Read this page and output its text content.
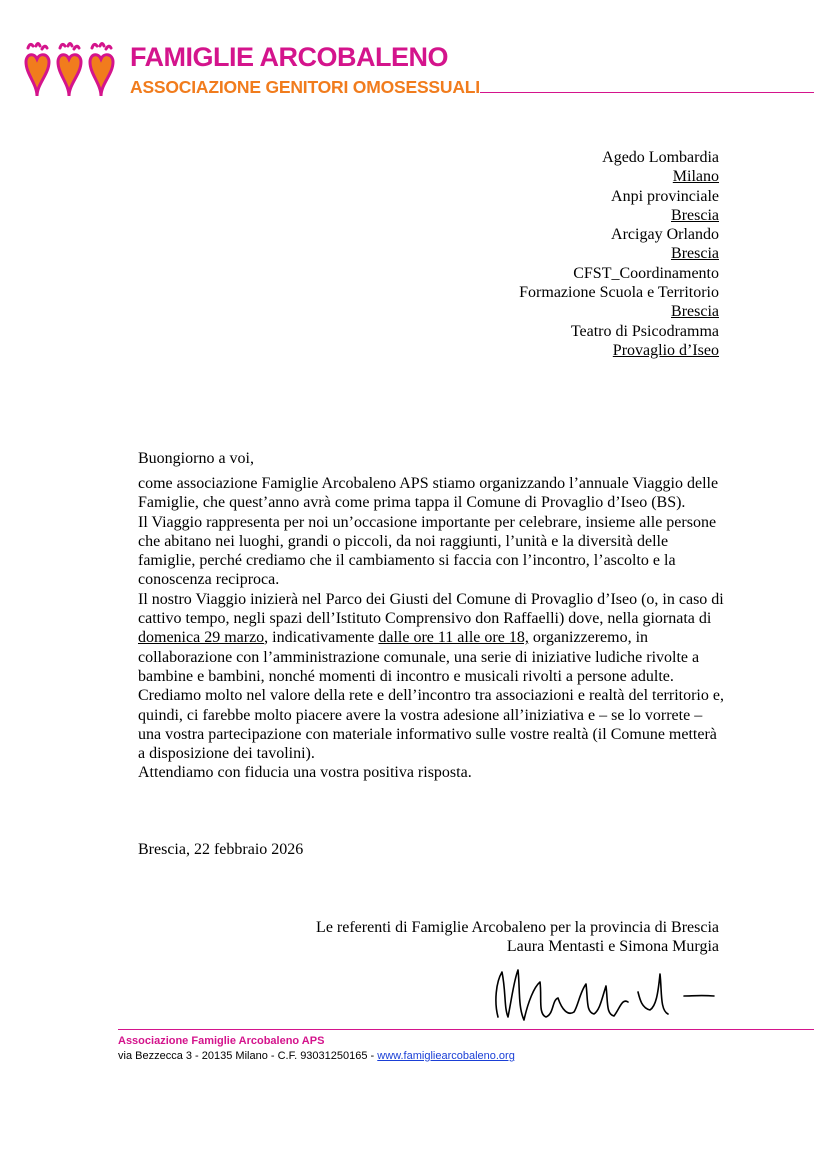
FAMIGLIE ARCOBALENO
ASSOCIAZIONE GENITORI OMOSESSUALI
Agedo Lombardia
Milano
Anpi provinciale
Brescia
Arcigay Orlando
Brescia
CFST_Coordinamento
Formazione Scuola e Territorio
Brescia
Teatro di Psicodramma
Provaglio d’Iseo
Buongiorno a voi,

come associazione Famiglie Arcobaleno APS stiamo organizzando l’annuale Viaggio delle Famiglie, che quest’anno avrà come prima tappa il Comune di Provaglio d’Iseo (BS).

Il Viaggio rappresenta per noi un’occasione importante per celebrare, insieme alle persone che abitano nei luoghi, grandi o piccoli, da noi raggiunti, l’unità e la diversità delle famiglie, perché crediamo che il cambiamento si faccia con l’incontro, l’ascolto e la conoscenza reciproca.

Il nostro Viaggio inizierà nel Parco dei Giusti del Comune di Provaglio d’Iseo (o, in caso di cattivo tempo, negli spazi dell’Istituto Comprensivo don Raffaelli) dove, nella giornata di domenica 29 marzo, indicativamente dalle ore 11 alle ore 18, organizzeremo, in collaborazione con l’amministrazione comunale, una serie di iniziative ludiche rivolte a bambine e bambini, nonché momenti di incontro e musicali rivolti a persone adulte.

Crediamo molto nel valore della rete e dell’incontro tra associazioni e realtà del territorio e, quindi, ci farebbe molto piacere avere la vostra adesione all’iniziativa e – se lo vorrete – una vostra partecipazione con materiale informativo sulle vostre realtà (il Comune metterà a disposizione dei tavolini).

Attendiamo con fiducia una vostra positiva risposta.

Brescia, 22 febbraio 2026
Le referenti di Famiglie Arcobaleno per la provincia di Brescia
Laura Mentasti e Simona Murgia
Associazione Famiglie Arcobaleno APS
via Bezzecca 3 - 20135 Milano - C.F. 93031250165 - www.famigliearcobaleno.org
